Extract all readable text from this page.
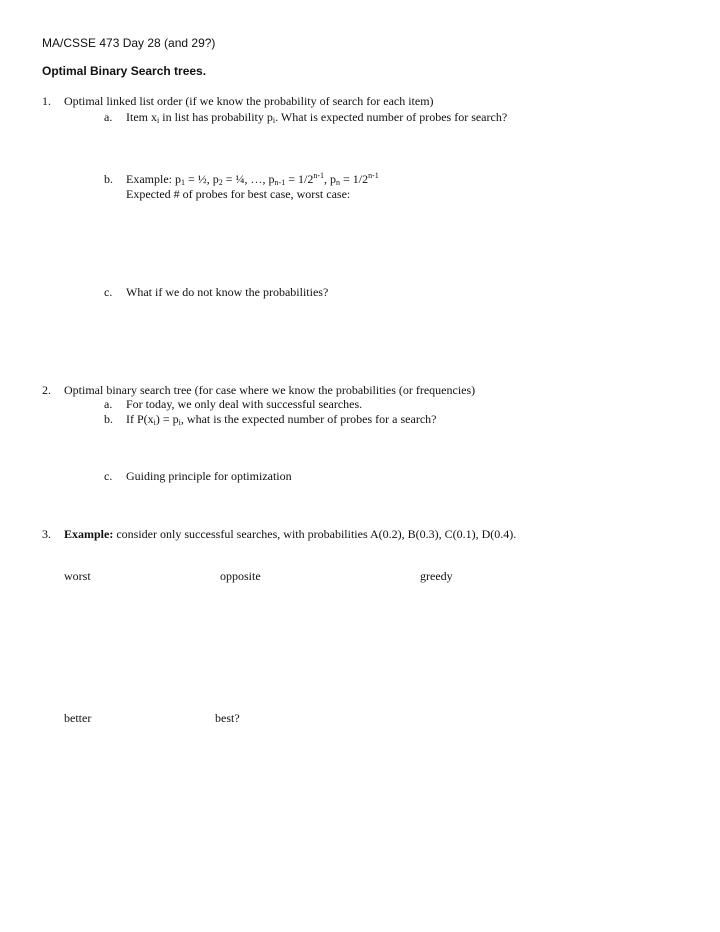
MA/CSSE 473 Day 28 (and 29?)
Optimal Binary Search trees.
1. Optimal linked list order (if we know the probability of search for each item)
a. Item $x_i$ in list has probability $p_i$. What is expected number of probes for search?
b. Example: $p_1$ = ½, $p_2$ = ¼, …, $p_{n-1} = 1/2^{n-1}$, $p_n = 1/2^{n-1}$
Expected # of probes for best case, worst case:
c. What if we do not know the probabilities?
2. Optimal binary search tree (for case where we know the probabilities (or frequencies)
a. For today, we only deal with successful searches.
b. If $P(x_i) = p_i$, what is the expected number of probes for a search?
c. Guiding principle for optimization
3. Example: consider only successful searches, with probabilities A(0.2), B(0.3), C(0.1), D(0.4).
worst	opposite	greedy
better	best?
